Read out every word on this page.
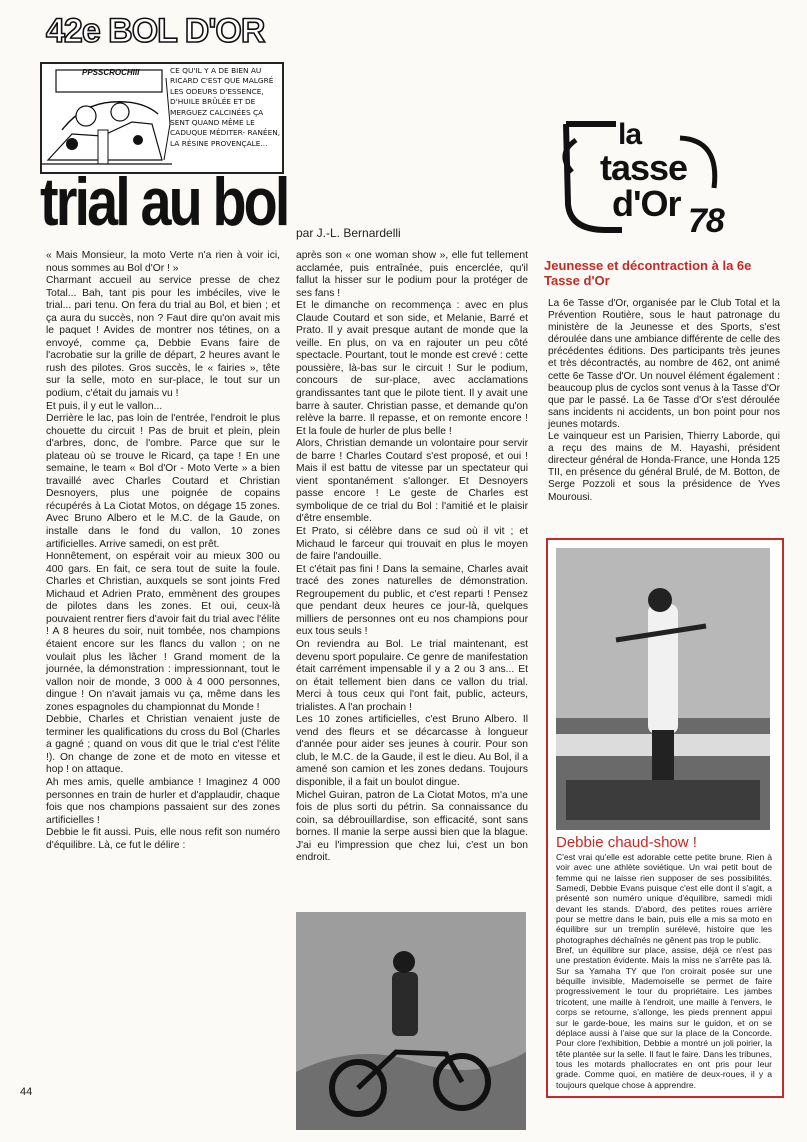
42e BOL D'OR
PPSSCROCHIII	CE QU'IL Y A DE BIEN AU RICARD C'EST QUE MALGRÉ LES ODEURS D'ESSENCE, D'HUILE BRÛLÉE ET DE MERGUEZ CALCINÉES ÇA SENT QUAND MÊME LE CADUQUE MÉDITER- RANÉEN, LA RÉSINE PROVENÇALE...
trial au bol par J.-L. Bernardelli

« Mais Monsieur, la moto Verte n'a rien à voir ici, nous sommes au Bol d'Or ! »

Charmant accueil au service presse de chez Total... Bah, tant pis pour les imbéciles, vive le trial... pari tenu. On fera du trial au Bol, et bien ; et ça aura du succès, non ? Faut dire qu'on avait mis le paquet ! Avides de montrer nos tétines, on a envoyé, comme ça, Debbie Evans faire de l'acrobatie sur la grille de départ, 2 heures avant le rush des pilotes. Gros succès, le « fairies », tête sur la selle, moto en sur-place, le tout sur un podium, c'était du jamais vu !

Et puis, il y eut le vallon...

Derrière le lac, pas loin de l'entrée, l'endroit le plus chouette du circuit ! Pas de bruit et plein, plein d'arbres, donc, de l'ombre. Parce que sur le plateau où se trouve le Ricard, ça tape ! En une semaine, le team « Bol d'Or - Moto Verte » a bien travaillé avec Charles Coutard et Christian Desnoyers, plus une poignée de copains récupérés à La Ciotat Motos, on dégage 15 zones. Avec Bruno Albero et le M.C. de la Gaude, on installe dans le fond du vallon, 10 zones artificielles. Arrive samedi, on est prêt.

Honnêtement, on espérait voir au mieux 300 ou 400 gars. En fait, ce sera tout de suite la foule. Charles et Christian, auxquels se sont joints Fred Michaud et Adrien Prato, emmènent des groupes de pilotes dans les zones. Et oui, ceux-là pouvaient rentrer fiers d'avoir fait du trial avec l'élite ! A 8 heures du soir, nuit tombée, nos champions étaient encore sur les flancs du vallon ; on ne voulait plus les lâcher ! Grand moment de la journée, la démonstration : impressionnant, tout le vallon noir de monde, 3 000 à 4 000 personnes, dingue ! On n'avait jamais vu ça, même dans les zones espagnoles du championnat du Monde !

Debbie, Charles et Christian venaient juste de terminer les qualifications du cross du Bol (Charles a gagné ; quand on vous dit que le trial c'est l'élite !). On change de zone et de moto en vitesse et hop ! on attaque.

Ah mes amis, quelle ambiance ! Imaginez 4 000 personnes en train de hurler et d'applaudir, chaque fois que nos champions passaient sur des zones artificielles !

Debbie le fit aussi. Puis, elle nous refit son numéro d'équilibre. Là, ce fut le délire :

après son « one woman show », elle fut tellement acclamée, puis entraînée, puis encerclée, qu'il fallut la hisser sur le podium pour la protéger de ses fans !

Et le dimanche on recommença : avec en plus Claude Coutard et son side, et Melanie, Barré et Prato. Il y avait presque autant de monde que la veille. En plus, on va en rajouter un peu côté spectacle. Pourtant, tout le monde est crevé : cette poussière, là-bas sur le circuit ! Sur le podium, concours de sur-place, avec acclamations grandissantes tant que le pilote tient. Il y avait une barre à sauter. Christian passe, et demande qu'on relève la barre. Il repasse, et on remonte encore ! Et la foule de hurler de plus belle !

Alors, Christian demande un volontaire pour servir de barre ! Charles Coutard s'est proposé, et oui ! Mais il est battu de vitesse par un spectateur qui vient spontanément s'allonger. Et Desnoyers passe encore ! Le geste de Charles est symbolique de ce trial du Bol : l'amitié et le plaisir d'être ensemble.

Et Prato, si célèbre dans ce sud où il vit ; et Michaud le farceur qui trouvait en plus le moyen de faire l'andouille.

Et c'était pas fini ! Dans la semaine, Charles avait tracé des zones naturelles de démonstration. Regroupement du public, et c'est reparti ! Pensez que pendant deux heures ce jour-là, quelques milliers de personnes ont eu nos champions pour eux tous seuls !

On reviendra au Bol. Le trial maintenant, est devenu sport populaire. Ce genre de manifestation était carrément impensable il y a 2 ou 3 ans... Et on était tellement bien dans ce vallon du trial. Merci à tous ceux qui l'ont fait, public, acteurs, trialistes. A l'an prochain !

Les 10 zones artificielles, c'est Bruno Albero. Il vend des fleurs et se décarcasse à longueur d'année pour aider ses jeunes à courir. Pour son club, le M.C. de la Gaude, il est le dieu. Au Bol, il a amené son camion et les zones dedans. Toujours disponible, il a fait un boulot dingue.

Michel Guiran, patron de La Ciotat Motos, m'a une fois de plus sorti du pétrin. Sa connaissance du coin, sa débrouillardise, son efficacité, sont sans bornes. Il manie la serpe aussi bien que la blague. J'ai eu l'impression que chez lui, c'est un bon endroit.

la
tasse
d'Or 78
Jeunesse et décontraction à la 6e Tasse d'Or

La 6e Tasse d'Or, organisée par le Club Total et la Prévention Routière, sous le haut patronage du ministère de la Jeunesse et des Sports, s'est déroulée dans une ambiance différente de celle des précédentes éditions. Des participants très jeunes et très décontractés, au nombre de 462, ont animé cette 6e Tasse d'Or. Un nouvel élément également : beaucoup plus de cyclos sont venus à la Tasse d'Or que par le passé. La 6e Tasse d'Or s'est déroulée sans incidents ni accidents, un bon point pour nos jeunes motards.

Le vainqueur est un Parisien, Thierry Laborde, qui a reçu des mains de M. Hayashi, président directeur général de Honda-France, une Honda 125 TII, en présence du général Brulé, de M. Botton, de Serge Pozzoli et sous la présidence de Yves Mourousi.

Debbie chaud-show !

C'est vrai qu'elle est adorable cette petite brune. Rien à voir avec une athlète soviétique. Un vrai petit bout de femme qui ne laisse rien supposer de ses possibilités. Samedi, Debbie Evans puisque c'est elle dont il s'agit, a présenté son numéro unique d'équilibre, samedi midi devant les stands. D'abord, des petites roues arrière pour se mettre dans le bain, puis elle a mis sa moto en équilibre sur un tremplin surélevé, histoire que les photographes déchaînés ne gênent pas trop le public.

Bref, un équilibre sur place, assise, déjà ce n'est pas une prestation évidente. Mais la miss ne s'arrête pas là. Sur sa Yamaha TY que l'on croirait posée sur une béquille invisible, Mademoiselle se permet de faire progressivement le tour du propriétaire. Les jambes tricotent, une maille à l'endroit, une maille à l'envers, le corps se retourne, s'allonge, les pieds prennent appui sur le garde-boue, les mains sur le guidon, et on se déplace aussi à l'aise que sur la place de la Concorde. Pour clore l'exhibition, Debbie a montré un joli poirier, la tête plantée sur la selle. Il faut le faire. Dans les tribunes, tous les motards phallocrates en ont pris pour leur grade. Comme quoi, en matière de deux-roues, il y a toujours quelque chose à apprendre.

44
